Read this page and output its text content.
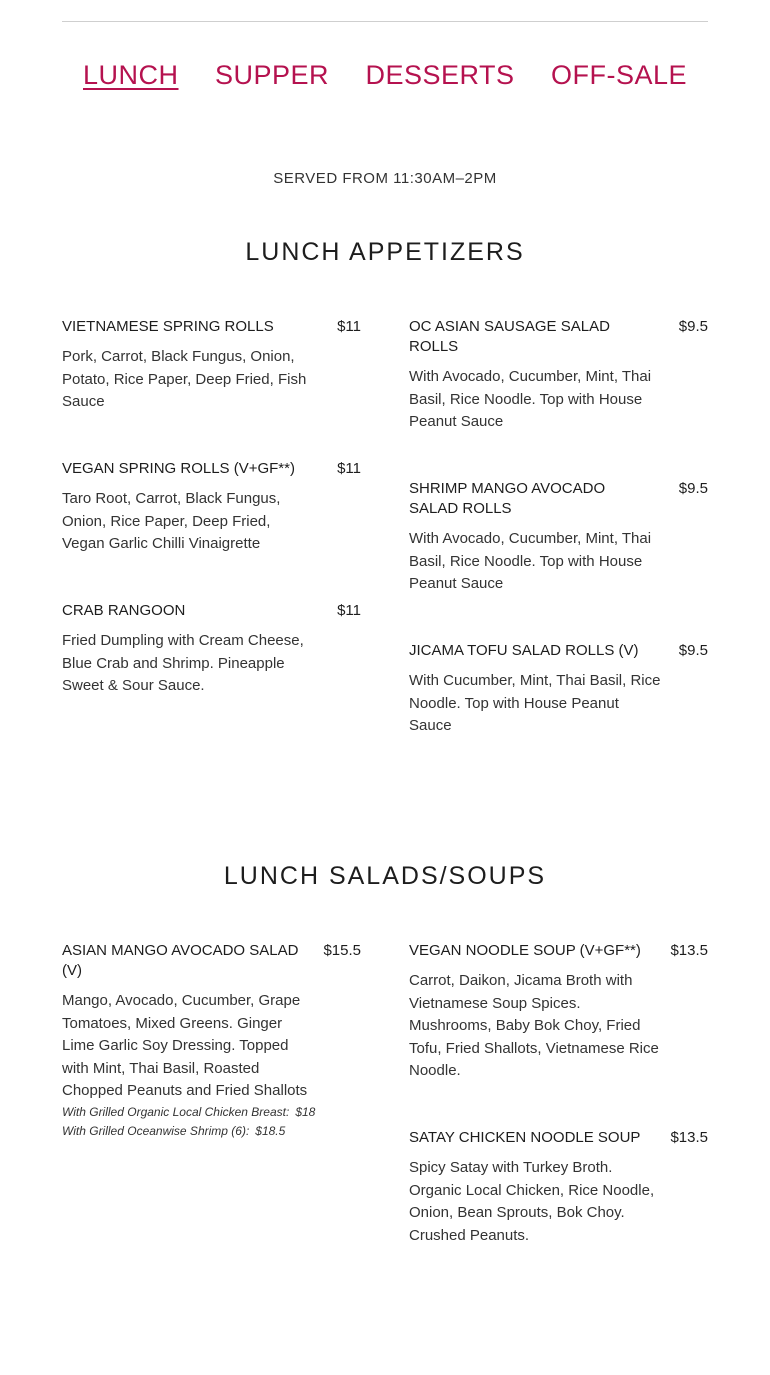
LUNCH SUPPER DESSERTS OFF-SALE
SERVED FROM 11:30AM–2PM
LUNCH APPETIZERS
VIETNAMESE SPRING ROLLS	$11
Pork, Carrot, Black Fungus, Onion, Potato, Rice Paper, Deep Fried, Fish Sauce
VEGAN SPRING ROLLS (V+GF**)	$11
Taro Root, Carrot, Black Fungus, Onion, Rice Paper, Deep Fried, Vegan Garlic Chilli Vinaigrette
CRAB RANGOON	$11
Fried Dumpling with Cream Cheese, Blue Crab and Shrimp. Pineapple Sweet & Sour Sauce.
OC ASIAN SAUSAGE SALAD ROLLS
$9.5
With Avocado, Cucumber, Mint, Thai Basil, Rice Noodle. Top with House Peanut Sauce
SHRIMP MANGO AVOCADO SALAD ROLLS
$9.5
With Avocado, Cucumber, Mint, Thai Basil, Rice Noodle. Top with House Peanut Sauce
JICAMA TOFU SALAD ROLLS (V)	$9.5
With Cucumber, Mint, Thai Basil, Rice Noodle. Top with House Peanut Sauce
LUNCH SALADS/SOUPS
ASIAN MANGO AVOCADO SALAD (V)
$15.5
Mango, Avocado, Cucumber, Grape Tomatoes, Mixed Greens. Ginger Lime Garlic Soy Dressing. Topped with Mint, Thai Basil, Roasted Chopped Peanuts and Fried Shallots
With Grilled Organic Local Chicken Breast: $18
With Grilled Oceanwise Shrimp (6): $18.5
VEGAN NOODLE SOUP (V+GF**) $13.5
Carrot, Daikon, Jicama Broth with Vietnamese Soup Spices. Mushrooms, Baby Bok Choy, Fried Tofu, Fried Shallots, Vietnamese Rice Noodle.
SATAY CHICKEN NOODLE SOUP $13.5
Spicy Satay with Turkey Broth. Organic Local Chicken, Rice Noodle, Onion, Bean Sprouts, Bok Choy. Crushed Peanuts.
